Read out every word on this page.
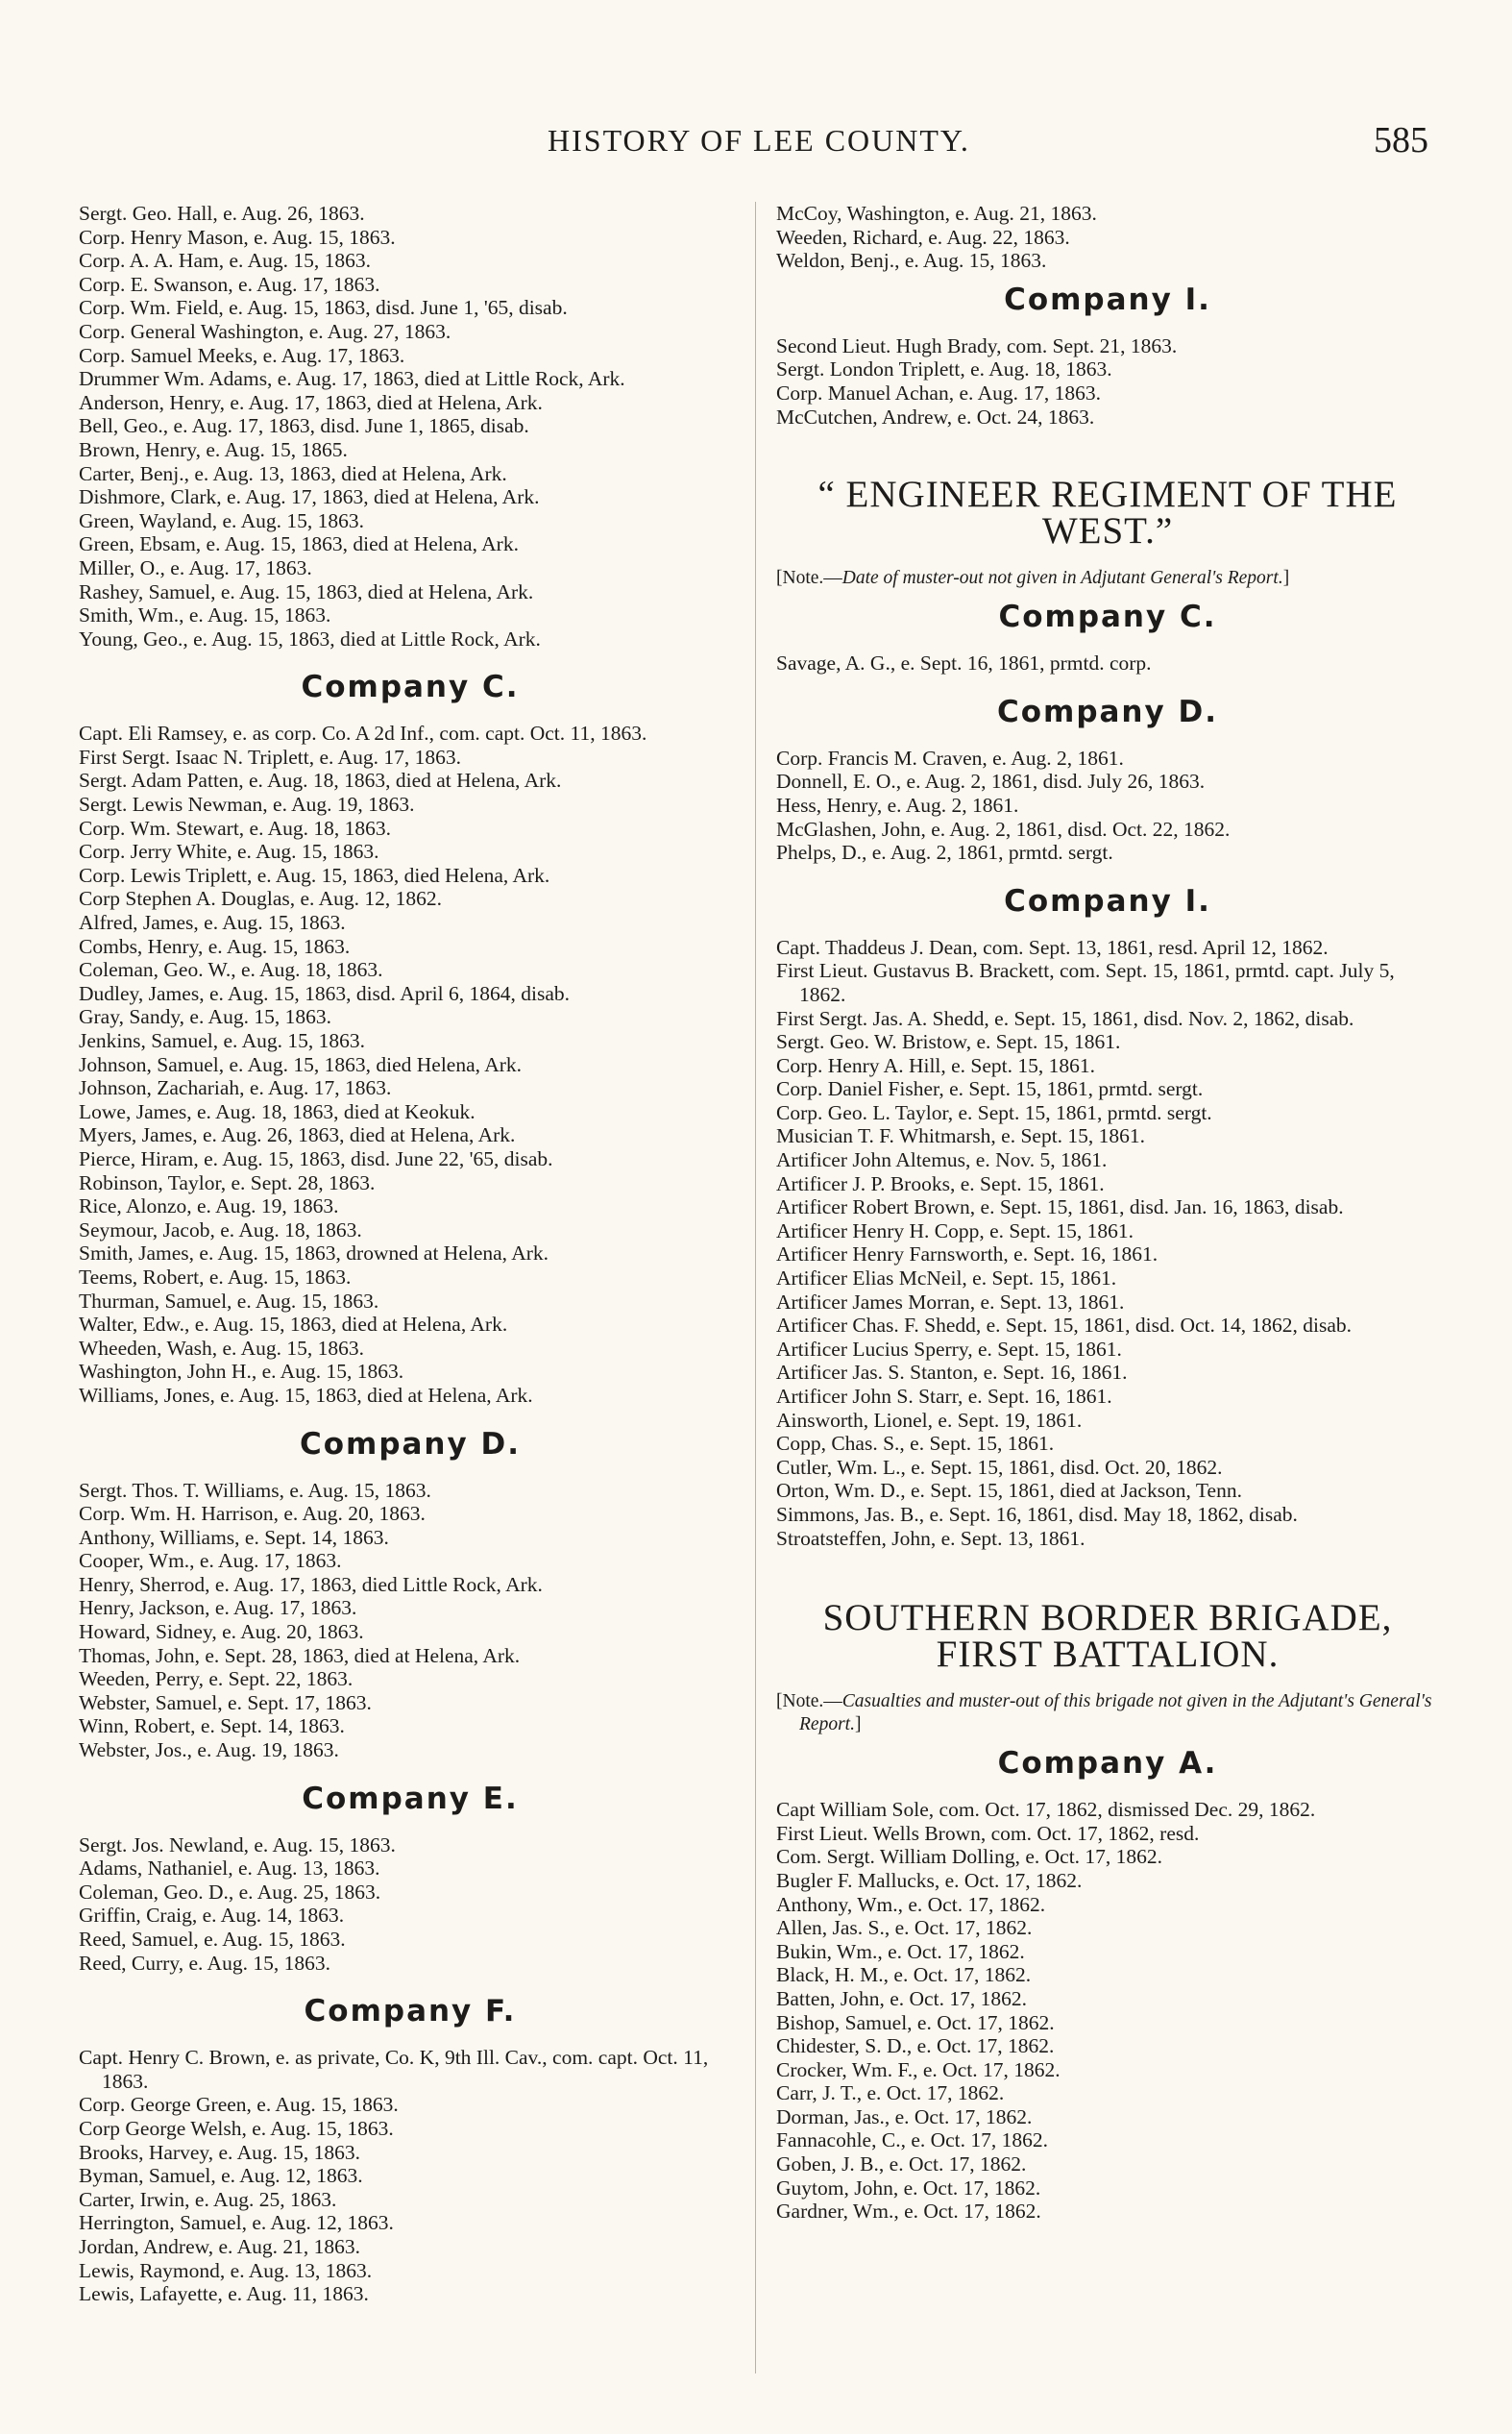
HISTORY OF LEE COUNTY.	585
Sergt. Geo. Hall, e. Aug. 26, 1863.
Corp. Henry Mason, e. Aug. 15, 1863.
Corp. A. A. Ham, e. Aug. 15, 1863.
Corp. E. Swanson, e. Aug. 17, 1863.
Corp. Wm. Field, e. Aug. 15, 1863, disd. June 1, '65, disab.
Corp. General Washington, e. Aug. 27, 1863.
Corp. Samuel Meeks, e. Aug. 17, 1863.
Drummer Wm. Adams, e. Aug. 17, 1863, died at Little Rock, Ark.
Anderson, Henry, e. Aug. 17, 1863, died at Helena, Ark.
Bell, Geo., e. Aug. 17, 1863, disd. June 1, 1865, disab.
Brown, Henry, e. Aug. 15, 1865.
Carter, Benj., e. Aug. 13, 1863, died at Helena, Ark.
Dishmore, Clark, e. Aug. 17, 1863, died at Helena, Ark.
Green, Wayland, e. Aug. 15, 1863.
Green, Ebsam, e. Aug. 15, 1863, died at Helena, Ark.
Miller, O., e. Aug. 17, 1863.
Rashey, Samuel, e. Aug. 15, 1863, died at Helena, Ark.
Smith, Wm., e. Aug. 15, 1863.
Young, Geo., e. Aug. 15, 1863, died at Little Rock, Ark.
Company C.
Capt. Eli Ramsey, e. as corp. Co. A 2d Inf., com. capt. Oct. 11, 1863.
First Sergt. Isaac N. Triplett, e. Aug. 17, 1863.
Sergt. Adam Patten, e. Aug. 18, 1863, died at Helena, Ark.
Sergt. Lewis Newman, e. Aug. 19, 1863.
Corp. Wm. Stewart, e. Aug. 18, 1863.
Corp. Jerry White, e. Aug. 15, 1863.
Corp. Lewis Triplett, e. Aug. 15, 1863, died Helena, Ark.
Corp Stephen A. Douglas, e. Aug. 12, 1862.
Alfred, James, e. Aug. 15, 1863.
Combs, Henry, e. Aug. 15, 1863.
Coleman, Geo. W., e. Aug. 18, 1863.
Dudley, James, e. Aug. 15, 1863, disd. April 6, 1864, disab.
Gray, Sandy, e. Aug. 15, 1863.
Jenkins, Samuel, e. Aug. 15, 1863.
Johnson, Samuel, e. Aug. 15, 1863, died Helena, Ark.
Johnson, Zachariah, e. Aug. 17, 1863.
Lowe, James, e. Aug. 18, 1863, died at Keokuk.
Myers, James, e. Aug. 26, 1863, died at Helena, Ark.
Pierce, Hiram, e. Aug. 15, 1863, disd. June 22, '65, disab.
Robinson, Taylor, e. Sept. 28, 1863.
Rice, Alonzo, e. Aug. 19, 1863.
Seymour, Jacob, e. Aug. 18, 1863.
Smith, James, e. Aug. 15, 1863, drowned at Helena, Ark.
Teems, Robert, e. Aug. 15, 1863.
Thurman, Samuel, e. Aug. 15, 1863.
Walter, Edw., e. Aug. 15, 1863, died at Helena, Ark.
Wheeden, Wash, e. Aug. 15, 1863.
Washington, John H., e. Aug. 15, 1863.
Williams, Jones, e. Aug. 15, 1863, died at Helena, Ark.
Company D.
Sergt. Thos. T. Williams, e. Aug. 15, 1863.
Corp. Wm. H. Harrison, e. Aug. 20, 1863.
Anthony, Williams, e. Sept. 14, 1863.
Cooper, Wm., e. Aug. 17, 1863.
Henry, Sherrod, e. Aug. 17, 1863, died Little Rock, Ark.
Henry, Jackson, e. Aug. 17, 1863.
Howard, Sidney, e. Aug. 20, 1863.
Thomas, John, e. Sept. 28, 1863, died at Helena, Ark.
Weeden, Perry, e. Sept. 22, 1863.
Webster, Samuel, e. Sept. 17, 1863.
Winn, Robert, e. Sept. 14, 1863.
Webster, Jos., e. Aug. 19, 1863.
Company E.
Sergt. Jos. Newland, e. Aug. 15, 1863.
Adams, Nathaniel, e. Aug. 13, 1863.
Coleman, Geo. D., e. Aug. 25, 1863.
Griffin, Craig, e. Aug. 14, 1863.
Reed, Samuel, e. Aug. 15, 1863.
Reed, Curry, e. Aug. 15, 1863.
Company F.
Capt. Henry C. Brown, e. as private, Co. K, 9th Ill. Cav., com. capt. Oct. 11, 1863.
Corp. George Green, e. Aug. 15, 1863.
Corp George Welsh, e. Aug. 15, 1863.
Brooks, Harvey, e. Aug. 15, 1863.
Byman, Samuel, e. Aug. 12, 1863.
Carter, Irwin, e. Aug. 25, 1863.
Herrington, Samuel, e. Aug. 12, 1863.
Jordan, Andrew, e. Aug. 21, 1863.
Lewis, Raymond, e. Aug. 13, 1863.
Lewis, Lafayette, e. Aug. 11, 1863.
McCoy, Washington, e. Aug. 21, 1863.
Weeden, Richard, e. Aug. 22, 1863.
Weldon, Benj., e. Aug. 15, 1863.
Company I.
Second Lieut. Hugh Brady, com. Sept. 21, 1863.
Sergt. London Triplett, e. Aug. 18, 1863.
Corp. Manuel Achan, e. Aug. 17, 1863.
McCutchen, Andrew, e. Oct. 24, 1863.
“ ENGINEER REGIMENT OF THE WEST.”
[Note.—Date of muster-out not given in Adjutant General's Report.]
Company C.
Savage, A. G., e. Sept. 16, 1861, prmtd. corp.
Company D.
Corp. Francis M. Craven, e. Aug. 2, 1861.
Donnell, E. O., e. Aug. 2, 1861, disd. July 26, 1863.
Hess, Henry, e. Aug. 2, 1861.
McGlashen, John, e. Aug. 2, 1861, disd. Oct. 22, 1862.
Phelps, D., e. Aug. 2, 1861, prmtd. sergt.
Company I.
Capt. Thaddeus J. Dean, com. Sept. 13, 1861, resd. April 12, 1862.
First Lieut. Gustavus B. Brackett, com. Sept. 15, 1861, prmtd. capt. July 5, 1862.
First Sergt. Jas. A. Shedd, e. Sept. 15, 1861, disd. Nov. 2, 1862, disab.
Sergt. Geo. W. Bristow, e. Sept. 15, 1861.
Corp. Henry A. Hill, e. Sept. 15, 1861.
Corp. Daniel Fisher, e. Sept. 15, 1861, prmtd. sergt.
Corp. Geo. L. Taylor, e. Sept. 15, 1861, prmtd. sergt.
Musician T. F. Whitmarsh, e. Sept. 15, 1861.
Artificer John Altemus, e. Nov. 5, 1861.
Artificer J. P. Brooks, e. Sept. 15, 1861.
Artificer Robert Brown, e. Sept. 15, 1861, disd. Jan. 16, 1863, disab.
Artificer Henry H. Copp, e. Sept. 15, 1861.
Artificer Henry Farnsworth, e. Sept. 16, 1861.
Artificer Elias McNeil, e. Sept. 15, 1861.
Artificer James Morran, e. Sept. 13, 1861.
Artificer Chas. F. Shedd, e. Sept. 15, 1861, disd. Oct. 14, 1862, disab.
Artificer Lucius Sperry, e. Sept. 15, 1861.
Artificer Jas. S. Stanton, e. Sept. 16, 1861.
Artificer John S. Starr, e. Sept. 16, 1861.
Ainsworth, Lionel, e. Sept. 19, 1861.
Copp, Chas. S., e. Sept. 15, 1861.
Cutler, Wm. L., e. Sept. 15, 1861, disd. Oct. 20, 1862.
Orton, Wm. D., e. Sept. 15, 1861, died at Jackson, Tenn.
Simmons, Jas. B., e. Sept. 16, 1861, disd. May 18, 1862, disab.
Stroatsteffen, John, e. Sept. 13, 1861.
SOUTHERN BORDER BRIGADE, FIRST BATTALION.
[Note.—Casualties and muster-out of this brigade not given in the Adjutant's General's Report.]
Company A.
Capt William Sole, com. Oct. 17, 1862, dismissed Dec. 29, 1862.
First Lieut. Wells Brown, com. Oct. 17, 1862, resd.
Com. Sergt. William Dolling, e. Oct. 17, 1862.
Bugler F. Mallucks, e. Oct. 17, 1862.
Anthony, Wm., e. Oct. 17, 1862.
Allen, Jas. S., e. Oct. 17, 1862.
Bukin, Wm., e. Oct. 17, 1862.
Black, H. M., e. Oct. 17, 1862.
Batten, John, e. Oct. 17, 1862.
Bishop, Samuel, e. Oct. 17, 1862.
Chidester, S. D., e. Oct. 17, 1862.
Crocker, Wm. F., e. Oct. 17, 1862.
Carr, J. T., e. Oct. 17, 1862.
Dorman, Jas., e. Oct. 17, 1862.
Fannacohle, C., e. Oct. 17, 1862.
Goben, J. B., e. Oct. 17, 1862.
Guytom, John, e. Oct. 17, 1862.
Gardner, Wm., e. Oct. 17, 1862.
